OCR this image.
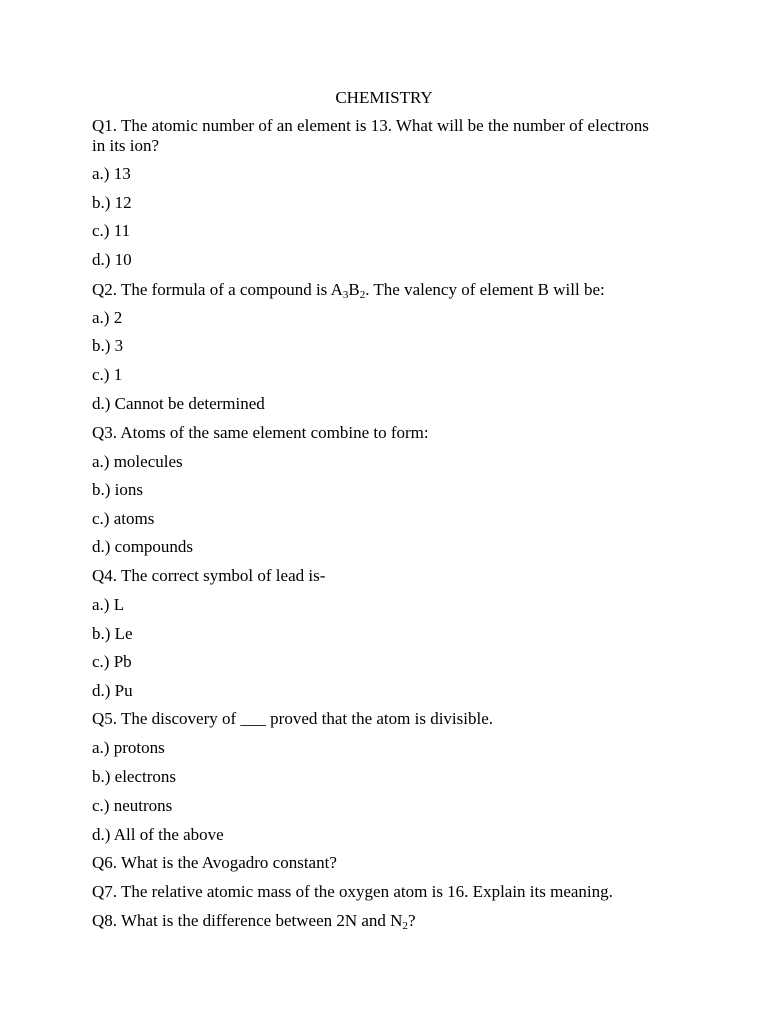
CHEMISTRY
Q1. The atomic number of an element is 13. What will be the number of electrons in its ion?
a.) 13
b.) 12
c.) 11
d.) 10
Q2. The formula of a compound is $A_3B_2$. The valency of element B will be:
a.) 2
b.) 3
c.) 1
d.) Cannot be determined
Q3. Atoms of the same element combine to form:
a.) molecules
b.) ions
c.) atoms
d.) compounds
Q4. The correct symbol of lead is-
a.) L
b.) Le
c.) Pb
d.) Pu
Q5. The discovery of ___ proved that the atom is divisible.
a.) protons
b.) electrons
c.) neutrons
d.) All of the above
Q6. What is the Avogadro constant?
Q7. The relative atomic mass of the oxygen atom is 16. Explain its meaning.
Q8. What is the difference between 2N and $N_2$?
